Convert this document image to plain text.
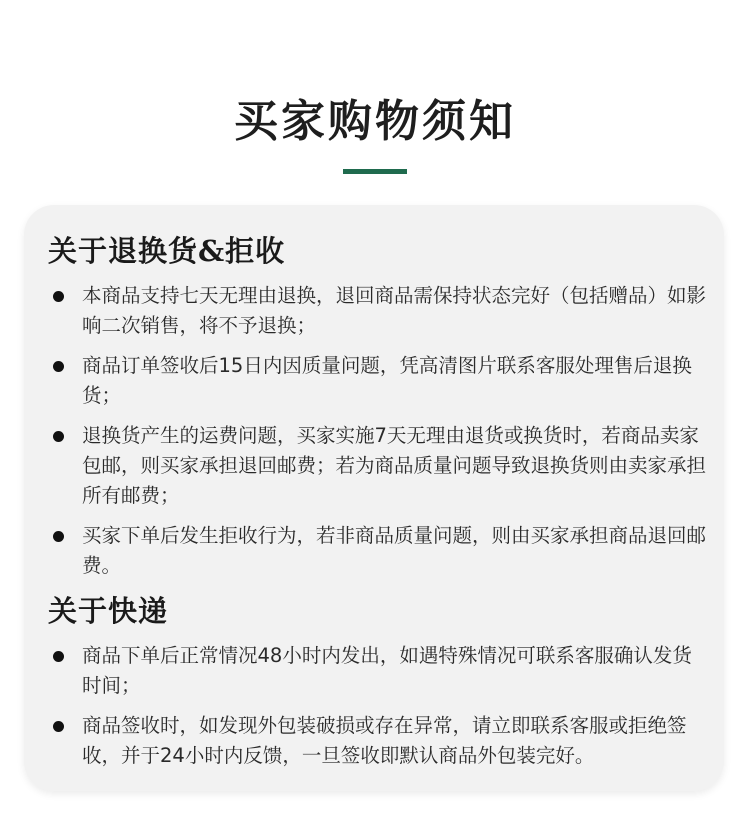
买家购物须知
关于退换货&拒收
本商品支持七天无理由退换，退回商品需保持状态完好（包括赠品）如影响二次销售，将不予退换；
商品订单签收后15日内因质量问题，凭高清图片联系客服处理售后退换货；
退换货产生的运费问题，买家实施7天无理由退货或换货时，若商品卖家包邮，则买家承担退回邮费；若为商品质量问题导致退换货则由卖家承担所有邮费；
买家下单后发生拒收行为，若非商品质量问题，则由买家承担商品退回邮费。
关于快递
商品下单后正常情况48小时内发出，如遇特殊情况可联系客服确认发货时间；
商品签收时，如发现外包装破损或存在异常，请立即联系客服或拒绝签收，并于24小时内反馈，一旦签收即默认商品外包装完好。
